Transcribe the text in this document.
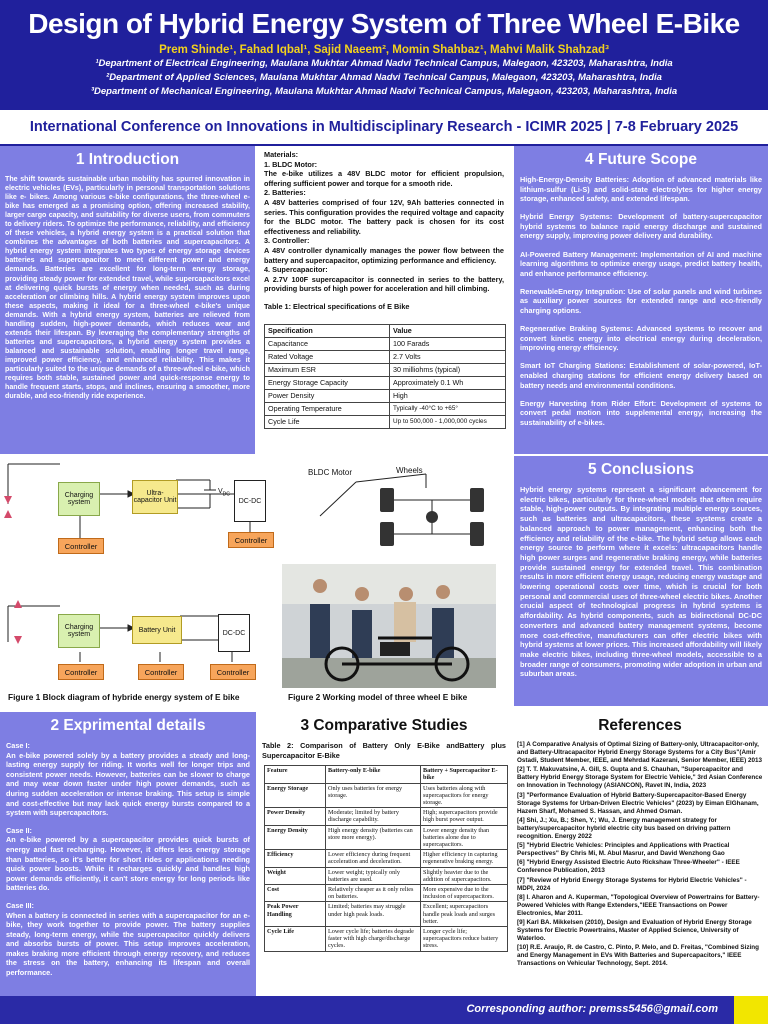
Design of Hybrid Energy System of Three Wheel E-Bike
Prem Shinde¹, Fahad Iqbal¹, Sajid Naeem², Momin Shahbaz¹, Mahvi Malik Shahzad³
¹Department of Electrical Engineering, Maulana Mukhtar Ahmad Nadvi Technical Campus, Malegaon, 423203, Maharashtra, India
²Department of Applied Sciences, Maulana Mukhtar Ahmad Nadvi Technical Campus, Malegaon, 423203, Maharashtra, India
³Department of Mechanical Engineering, Maulana Mukhtar Ahmad Nadvi Technical Campus, Malegaon, 423203, Maharashtra, India
International Conference on Innovations in Multidisciplinary Research - ICIMR 2025 | 7-8 February 2025
1 Introduction

The shift towards sustainable urban mobility has spurred innovation in electric vehicles (EVs), particularly in personal transportation solutions like e- bikes. Among various e-bike configurations, the three-wheel e-bike has emerged as a promising option, offering increased stability, larger cargo capacity, and suitability for diverse users, from commuters to delivery riders. To optimize the performance, reliability, and efficiency of these vehicles, a hybrid energy system is a practical solution that combines the advantages of both batteries and supercapacitors. A hybrid energy system integrates two types of energy storage devices batteries and supercapacitor to meet different power and energy demands. Batteries are excellent for long-term energy storage, providing steady power for extended travel, while supercapacitors excel at delivering quick bursts of energy when needed, such as during acceleration or climbing hills. A hybrid energy system improves upon these aspects, making it ideal for a three-wheel e-bike's unique demands. With a hybrid energy system, batteries are relieved from handling sudden, high-power demands, which reduces wear and extends their lifespan. By leveraging the complementary strengths of batteries and supercapacitors, a hybrid energy system provides a balanced and sustainable solution, enabling longer travel range, improved power efficiency, and enhanced reliability. This makes it particularly suited to the unique demands of a three-wheel e-bike, which requires both stable, sustained power and quick-response energy to handle frequent starts, stops, and inclines, ensuring a smoother, more durable, and eco-friendly ride experience.

Materials:
1. BLDC Motor:
The e-bike utilizes a 48V BLDC motor for efficient propulsion, offering sufficient power and torque for a smooth ride.
2. Batteries:
A 48V batteries comprised of four 12V, 9Ah batteries connected in series. This configuration provides the required voltage and capacity for the BLDC motor. The battery pack is chosen for its cost effectiveness and reliability.
3. Controller:
A 48V controller dynamically manages the power flow between the battery and supercapacitor, optimizing performance and efficiency.
4. Supercapacitor:
A 2.7V 100F supercapacitor is connected in series to the battery, providing bursts of high power for acceleration and hill climbing.
Table 1: Electrical specifications of E Bike
Specification	Value
Capacitance	100 Farads
Rated Voltage	2.7 Volts
Maximum ESR	30 milliohms (typical)
Energy Storage Capacity	Approximately 0.1 Wh
Power Density	High
Operating Temperature	Typically -40°C to +65°
Cycle Life	Up to 500,000 - 1,000,000 cycles
4 Future Scope

High-Energy-Density Batteries: Adoption of advanced materials like lithium-sulfur (Li-S) and solid-state electrolytes for higher energy storage, enhanced safety, and extended lifespan.

Hybrid Energy Systems: Development of battery-supercapacitor hybrid systems to balance rapid energy discharge and sustained energy supply, improving power delivery and durability.

AI-Powered Battery Management: Implementation of AI and machine learning algorithms to optimize energy usage, predict battery health, and enhance performance efficiency.

RenewableEnergy Integration: Use of solar panels and wind turbines as auxiliary power sources for extended range and eco-friendly charging options.

Regenerative Braking Systems: Advanced systems to recover and convert kinetic energy into electrical energy during deceleration, improving energy efficiency.

Smart IoT Charging Stations: Establishment of solar-powered, IoT-enabled charging stations for efficient energy delivery based on battery needs and environmental conditions.

Energy Harvesting from Rider Effort: Development of systems to convert pedal motion into supplemental energy, increasing the sustainability of e-bikes.

Charging system
Ultra-capacitor Unit
$V_{DC}$
DC-DC
Controller
Controller
Charging system
Battery Unit	DC-DC
Controller	Controller	Controller
Figure 1 Block diagram of hybride energy system of E bike
BLDC Motor	Wheels
Figure 2 Working model of three wheel E bike
5 Conclusions

Hybrid energy systems represent a significant advancement for electric bikes, particularly for three-wheel models that often require stable, high-power outputs. By integrating multiple energy sources, such as batteries and ultracapacitors, these systems create a balanced approach to power management, enhancing both the efficiency and reliability of the e-bike. The hybrid setup allows each energy source to perform where it excels: ultracapacitors handle high power surges and regenerative braking energy, while batteries provide sustained energy for extended travel. This combination results in more efficient energy usage, reducing energy wastage and lowering operational costs over time, which is crucial for both personal and commercial uses of three-wheel electric bikes. Another crucial aspect of technological progress in hybrid systems is affordability. As hybrid components, such as bidirectional DC-DC converters and advanced battery management systems, become more cost-effective, manufacturers can offer electric bikes with hybrid systems at lower prices. This increased affordability will likely make electric bikes, including three-wheel models, accessible to a broader range of consumers, promoting wider adoption in urban and suburban areas.

2 Exprimental details

Case I:

An e-bike powered solely by a battery provides a steady and long-lasting energy supply for riding. It works well for longer trips and consistent power needs. However, batteries can be slower to charge and may wear down faster under high power demands, such as during sudden acceleration or intense braking. This setup is simple and cost-effective but may lack quick energy bursts compared to a system with supercapacitors.

Case II:

An e-bike powered by a supercapacitor provides quick bursts of energy and fast recharging. However, it offers less energy storage than batteries, so it's better for short rides or applications needing quick power boosts. While it recharges quickly and handles high power demands efficiently, it can't store energy for long periods like batteries do.

Case III:

When a battery is connected in series with a supercapacitor for an e-bike, they work together to provide power. The battery supplies steady, long-term energy, while the supercapacitor quickly delivers and absorbs bursts of power. This setup improves acceleration, makes braking more efficient through energy recovery, and reduces the stress on the battery, enhancing its lifespan and overall performance.

3 Comparative Studies
Table 2: Comparison of Battery Only E-Bike andBattery plus Supercapacitor E-Bike
Feature	Battery-only E-bike	Battery + Supercapacitor E-bike
Energy Storage	Only uses batteries for energy storage.	Uses batteries along with supercapacitors for energy storage.
Power Density	Moderate; limited by battery discharge capability.	High; supercapacitors provide high burst power output.
Energy Density	High energy density (batteries can store more energy).	Lower energy density than batteries alone due to supercapacitors.
Efficiency	Lower efficiency during frequent acceleration and deceleration.	Higher efficiency in capturing regenerative braking energy.
Weight	Lower weight; typically only batteries are used.	Slightly heavier due to the addition of supercapacitors.
Cost	Relatively cheaper as it only relies on batteries.	More expensive due to the inclusion of supercapacitors.
Peak Power Handling	Limited; batteries may struggle under high peak loads.	Excellent; supercapacitors handle peak loads and surges better.
Cycle Life	Lower cycle life; batteries degrade faster with high charge/discharge cycles.	Longer cycle life; supercapacitors reduce battery stress.
References

[1] A Comparative Analysis of Optimal Sizing of Battery-only, Ultracapacitor-only, and Battery-Ultracapacitor Hybrid Energy Storage Systems for a City Bus"(Amir Ostadi, Student Member, IEEE, and Mehrdad Kazerani, Senior Member, IEEE) 2013

[2] T. T. Makuvatsine, A. Gill, S. Gupta and S. Chauhan, "Supercapacitor and Battery Hybrid Energy Storage System for Electric Vehicle," 3rd Asian Conference on Innovation in Technology (ASIANCON), Ravet IN, India, 2023

[3] "Performance Evaluation of Hybrid Battery-Supercapacitor-Based Energy Storage Systems for Urban-Driven Electric Vehicles" (2023) by Eiman ElGhanam, Hazem Sharf, Mohamed S. Hassan, and Ahmed Osman.

[4] Shi, J.; Xu, B.; Shen, Y.; Wu, J. Energy management strategy for battery/supercapacitor hybrid electric city bus based on driving pattern recognition. Energy 2022

[5] "Hybrid Electric Vehicles: Principles and Applications with Practical Perspectives" By Chris Mi, M. Abul Masrur, and David Wenzhong Gao

[6] "Hybrid Energy Assisted Electric Auto Rickshaw Three-Wheeler" - IEEE Conference Publication, 2013

[7] "Review of Hybrid Energy Storage Systems for Hybrid Electric Vehicles" - MDPI, 2024

[8] I. Aharon and A. Kuperman, "Topological Overview of Powertrains for Battery-Powered Vehicles with Range Extenders,"IEEE Transactions on Power Electronics, Mar 2011.

[9] Karl BA. Mikkelsen (2010), Design and Evaluation of Hybrid Energy Storage Systems for Electric Powertrains, Master of Applied Science, University of Waterloo.

[10] R.E. Araujo, R. de Castro, C. Pinto, P. Melo, and D. Freitas, "Combined Sizing and Energy Management in EVs With Batteries and Supercapacitors," IEEE Transactions on Vehicular Technology, Sept. 2014.

Corresponding author: premss5456@gmail.com
